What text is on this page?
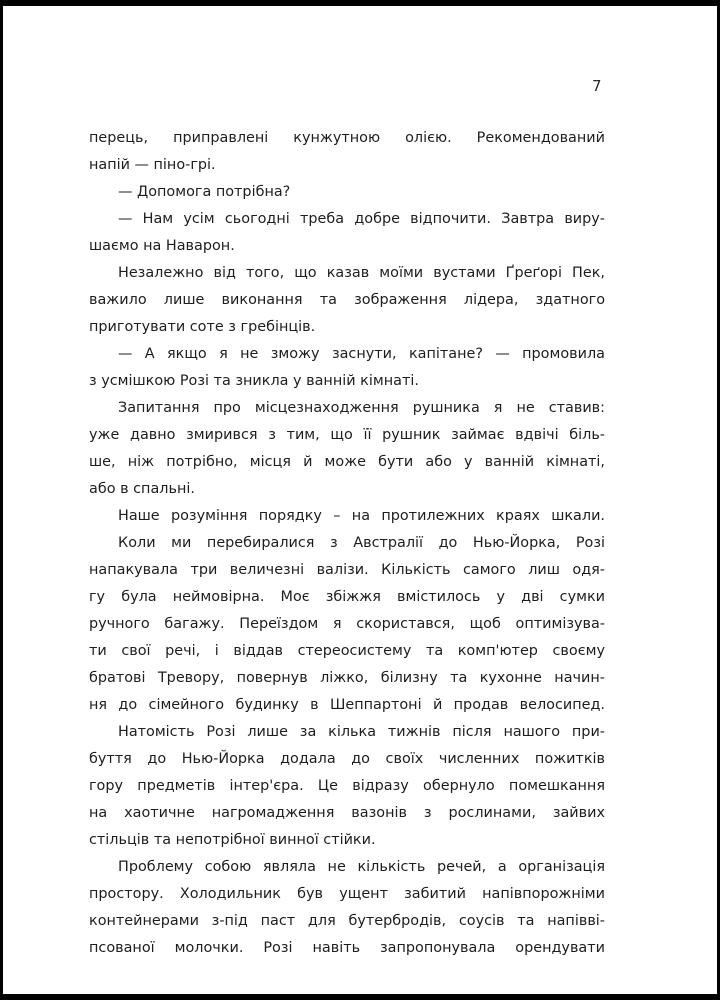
7
перець, приправлені кунжутною олією. Рекомендований
напій — піно-грі.
— Допомога потрібна?
— Нам усім сьогодні треба добре відпочити. Завтра виру-
шаємо на Наварон.
Незалежно від того, що казав моїми вустами Ґреґорі Пек,
важило лише виконання та зображення лідера, здатного
приготувати соте з гребінців.
— А якщо я не зможу заснути, капітане? — промовила
з усмішкою Розі та зникла у ванній кімнаті.
Запитання про місцезнаходження рушника я не ставив:
уже давно змирився з тим, що її рушник займає вдвічі біль-
ше, ніж потрібно, місця й може бути або у ванній кімнаті,
або в спальні.
Наше розуміння порядку – на протилежних краях шкали.
Коли ми перебиралися з Австралії до Нью-Йорка, Розі
напакувала три величезні валізи. Кількість самого лиш одя-
гу була неймовірна. Моє збіжжя вмістилось у дві сумки
ручного багажу. Переїздом я скористався, щоб оптимізува-
ти свої речі, і віддав стереосистему та комп'ютер своєму
братові Тревору, повернув ліжко, білизну та кухонне начин-
ня до сімейного будинку в Шеппартоні й продав велосипед.
Натомість Розі лише за кілька тижнів після нашого при-
буття до Нью-Йорка додала до своїх численних пожитків
гору предметів інтер'єра. Це відразу обернуло помешкання
на хаотичне нагромадження вазонів з рослинами, зайвих
стільців та непотрібної винної стійки.
Проблему собою являла не кількість речей, а організація
простору. Холодильник був ущент забитий напівпорожніми
контейнерами з-під паст для бутербродів, соусів та напівві-
псованої молочки. Розі навіть запропонувала орендувати
